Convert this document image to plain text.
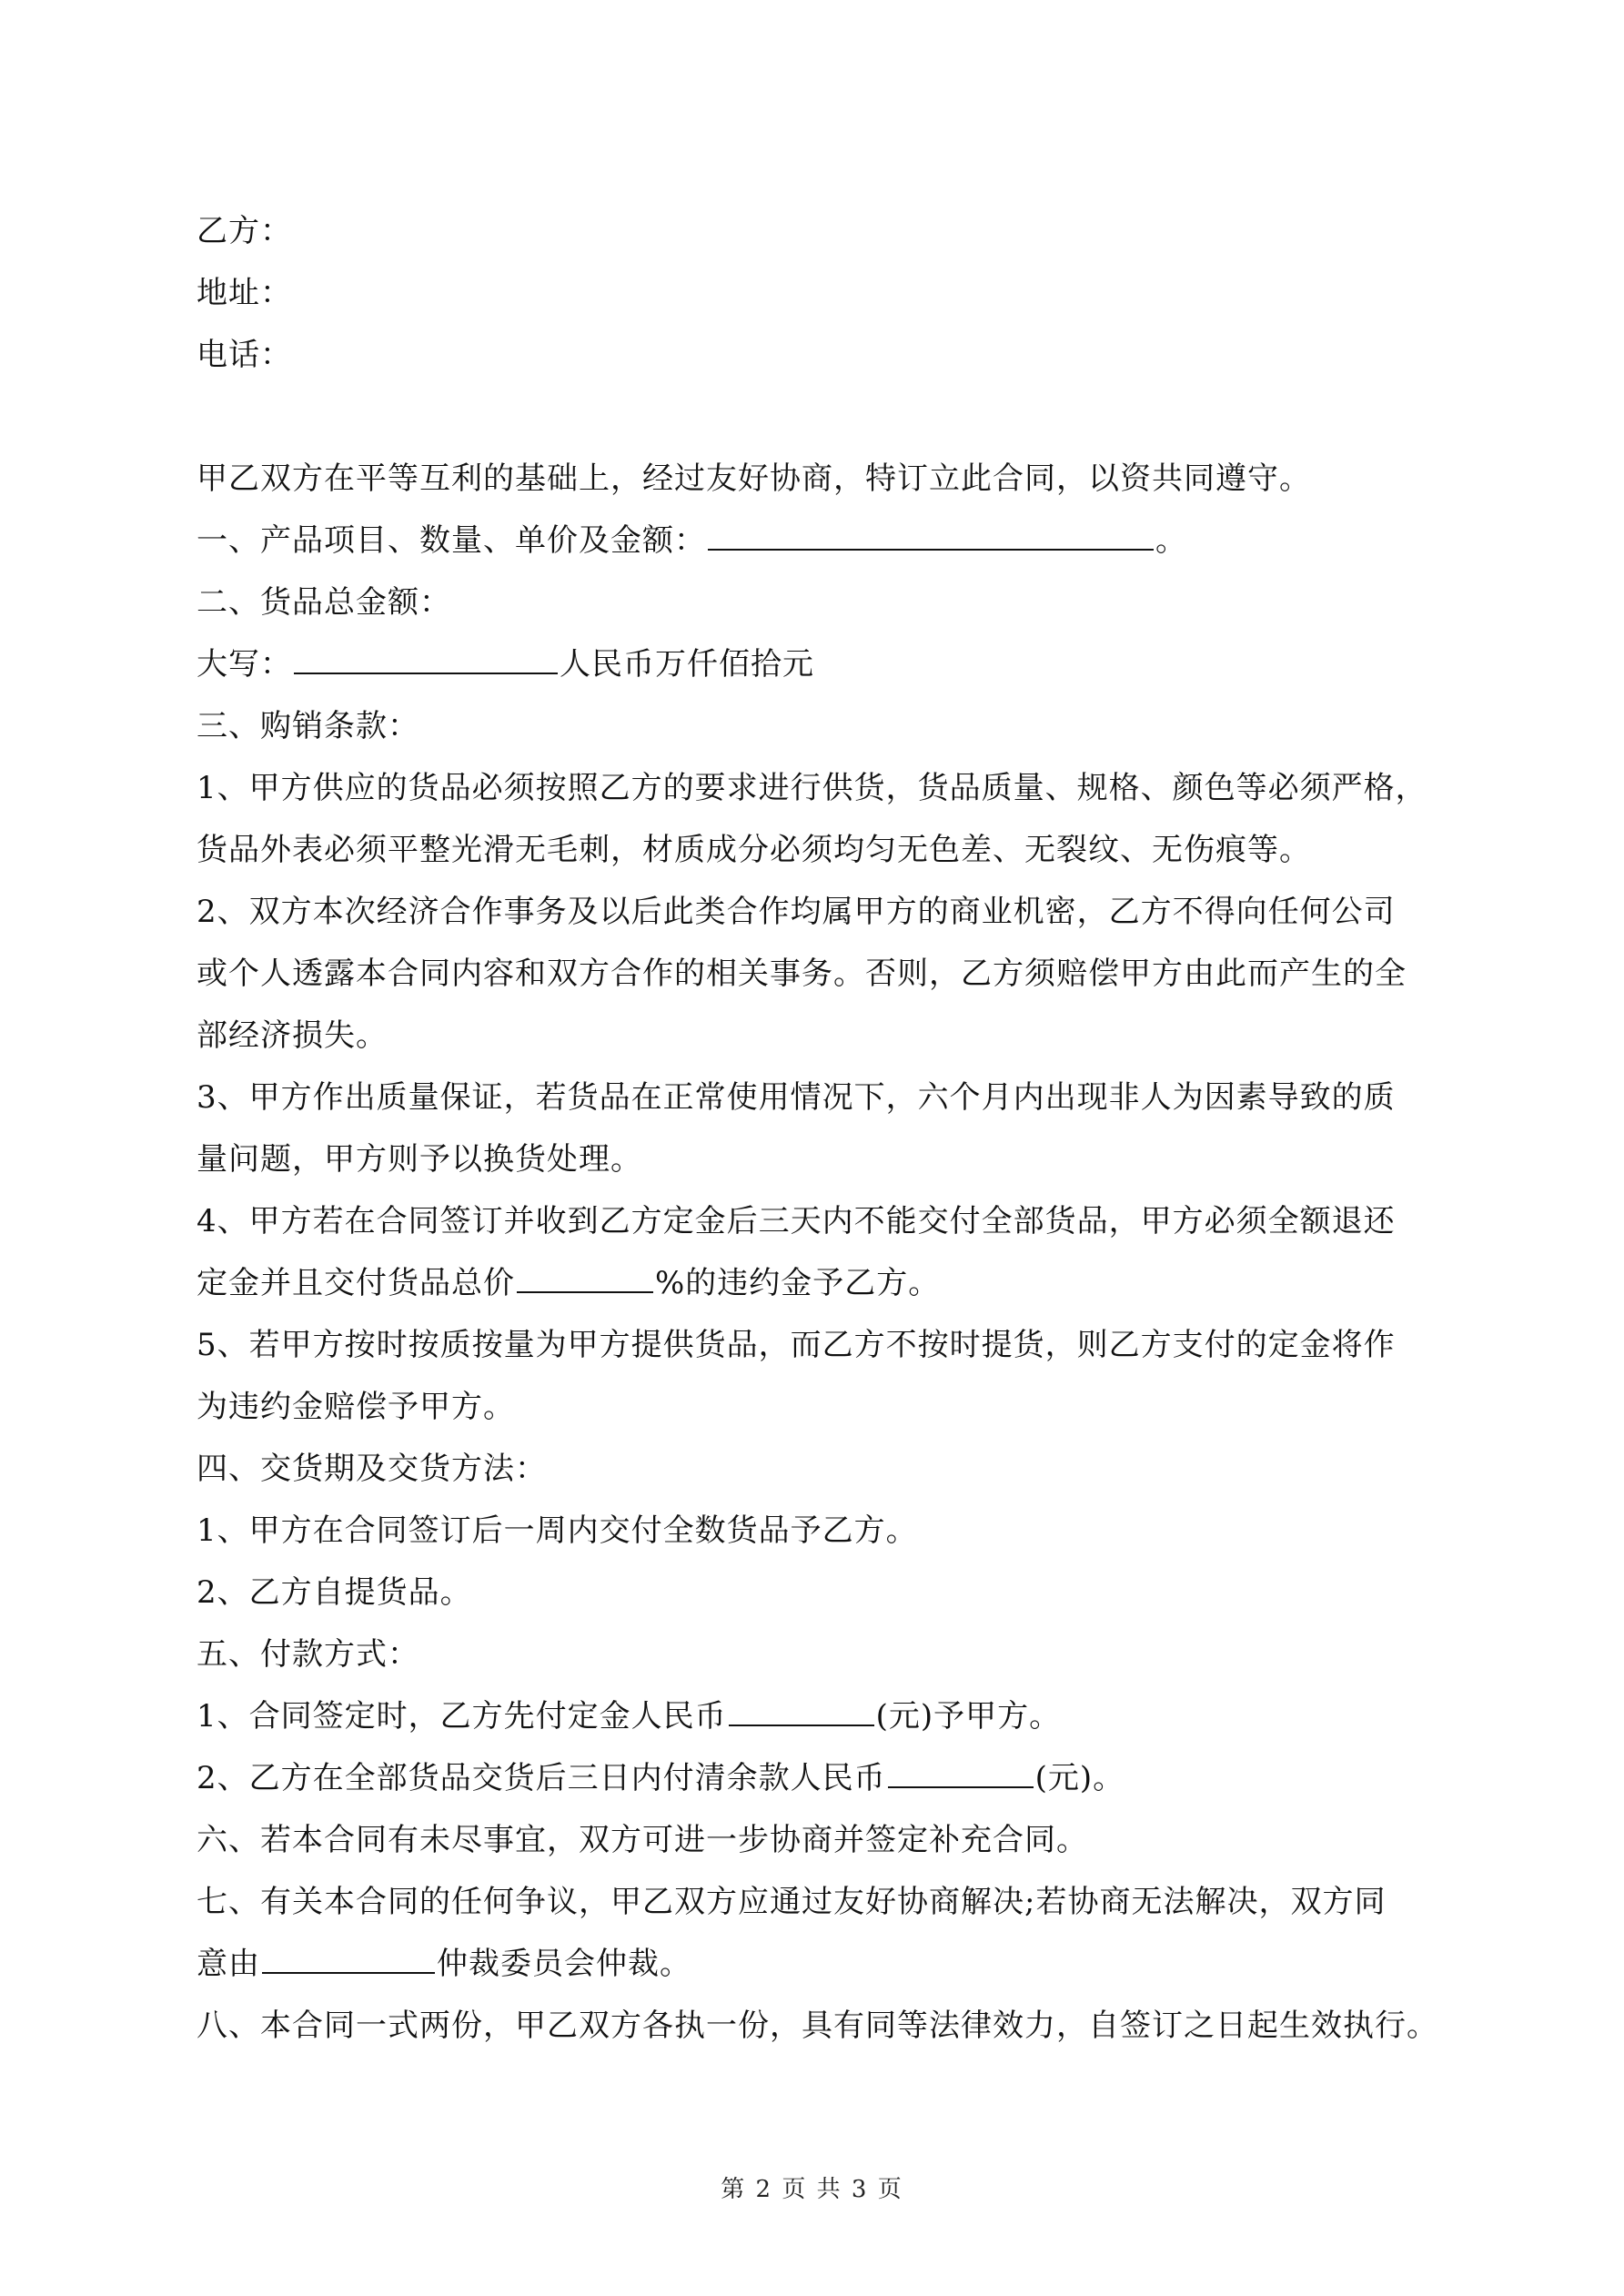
乙方：
地址：
电话：
甲乙双方在平等互利的基础上，经过友好协商，特订立此合同，以资共同遵守。
一、产品项目、数量、单价及金额：	。
二、货品总金额：
大写：	人民币万仟佰拾元
三、购销条款：
1、甲方供应的货品必须按照乙方的要求进行供货，货品质量、规格、颜色等必须严格，
货品外表必须平整光滑无毛刺，材质成分必须均匀无色差、无裂纹、无伤痕等。
2、双方本次经济合作事务及以后此类合作均属甲方的商业机密，乙方不得向任何公司
或个人透露本合同内容和双方合作的相关事务。否则，乙方须赔偿甲方由此而产生的全
部经济损失。
3、甲方作出质量保证，若货品在正常使用情况下，六个月内出现非人为因素导致的质
量问题，甲方则予以换货处理。
4、甲方若在合同签订并收到乙方定金后三天内不能交付全部货品，甲方必须全额退还
定金并且交付货品总价	%的违约金予乙方。
5、若甲方按时按质按量为甲方提供货品，而乙方不按时提货，则乙方支付的定金将作
为违约金赔偿予甲方。
四、交货期及交货方法：
1、甲方在合同签订后一周内交付全数货品予乙方。
2、乙方自提货品。
五、付款方式：
1、合同签定时，乙方先付定金人民币	(元)予甲方。
2、乙方在全部货品交货后三日内付清余款人民币	(元)。
六、若本合同有未尽事宜，双方可进一步协商并签定补充合同。
七、有关本合同的任何争议，甲乙双方应通过友好协商解决;若协商无法解决，双方同
意由	仲裁委员会仲裁。
八、本合同一式两份，甲乙双方各执一份，具有同等法律效力，自签订之日起生效执行。
第 2 页 共 3 页
